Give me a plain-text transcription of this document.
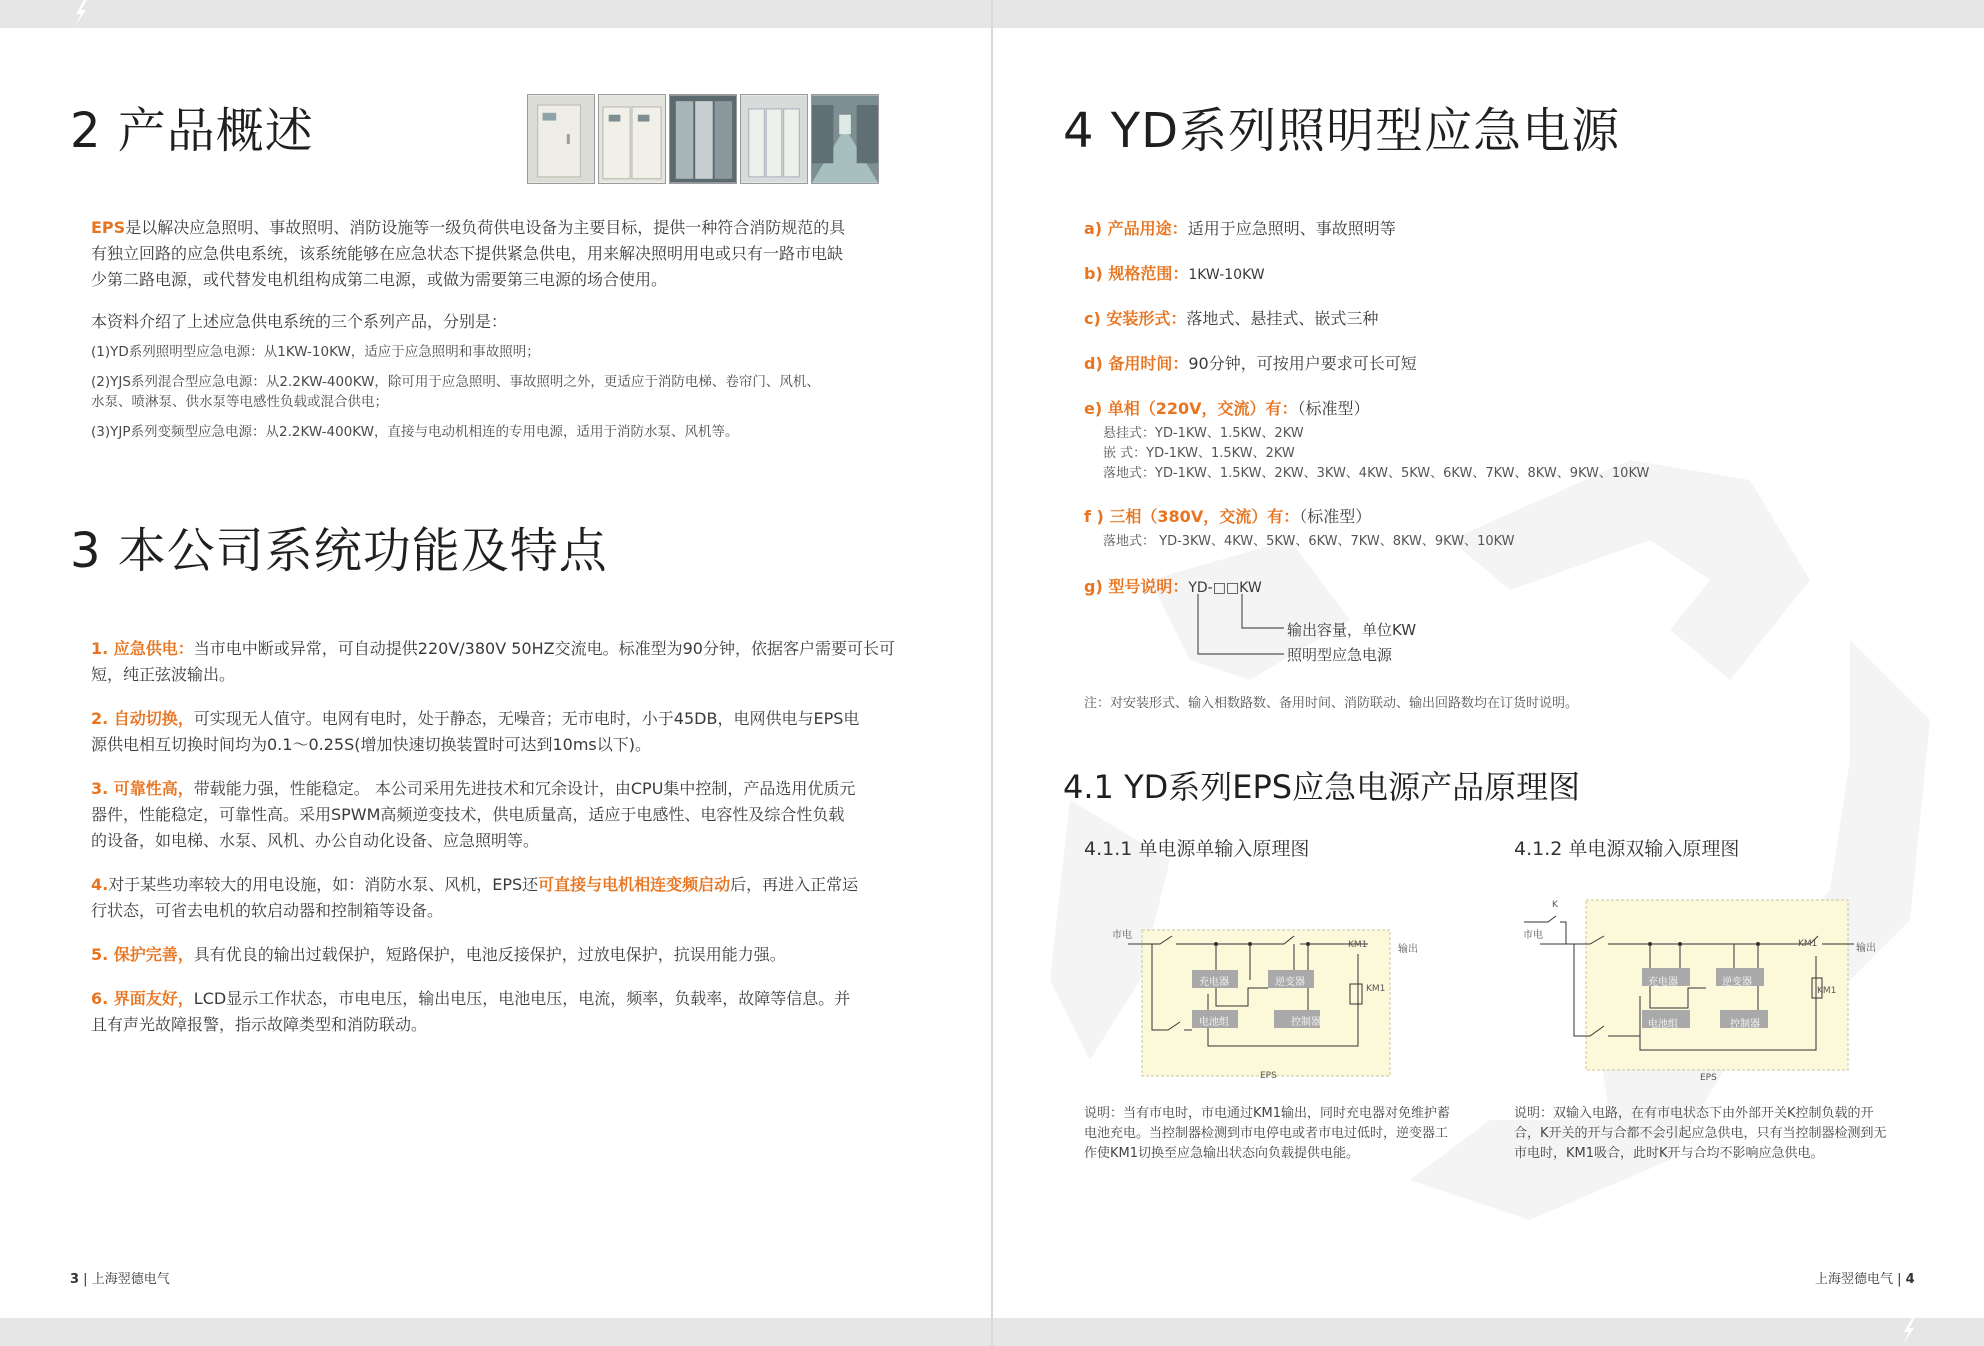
2 产品概述
EPS是以解决应急照明、事故照明、消防设施等一级负荷供电设备为主要目标，提供一种符合消防规范的具
有独立回路的应急供电系统，该系统能够在应急状态下提供紧急供电，用来解决照明用电或只有一路市电缺
少第二路电源，或代替发电机组构成第二电源，或做为需要第三电源的场合使用。
本资料介绍了上述应急供电系统的三个系列产品，分别是：
(1)YD系列照明型应急电源：从1KW-10KW，适应于应急照明和事故照明；
(2)YJS系列混合型应急电源：从2.2KW-400KW，除可用于应急照明、事故照明之外，更适应于消防电梯、卷帘门、风机、
水泵、喷淋泵、供水泵等电感性负载或混合供电；
(3)YJP系列变频型应急电源：从2.2KW-400KW，直接与电动机相连的专用电源，适用于消防水泵、风机等。
3 本公司系统功能及特点
1. 应急供电：当市电中断或异常，可自动提供220V/380V 50HZ交流电。标准型为90分钟，依据客户需要可长可
短，纯正弦波输出。
2. 自动切换，可实现无人值守。电网有电时，处于静态，无噪音；无市电时，小于45DB，电网供电与EPS电
源供电相互切换时间均为0.1～0.25S(增加快速切换装置时可达到10ms以下)。
3. 可靠性高，带载能力强，性能稳定。 本公司采用先进技术和冗余设计，由CPU集中控制，产品选用优质元
器件，性能稳定，可靠性高。采用SPWM高频逆变技术，供电质量高，适应于电感性、电容性及综合性负载
的设备，如电梯、水泵、风机、办公自动化设备、应急照明等。
4.对于某些功率较大的用电设施，如：消防水泵、风机，EPS还可直接与电机相连变频启动后，再进入正常运
行状态，可省去电机的软启动器和控制箱等设备。
5. 保护完善，具有优良的输出过载保护，短路保护，电池反接保护，过放电保护，抗误用能力强。
6. 界面友好，LCD显示工作状态，市电电压，输出电压，电池电压，电流，频率，负载率，故障等信息。并
且有声光故障报警，指示故障类型和消防联动。
3 | 上海翌德电气
4 YD系列照明型应急电源
a) 产品用途：适用于应急照明、事故照明等
b) 规格范围：1KW-10KW
c) 安装形式：落地式、悬挂式、嵌式三种
d) 备用时间：90分钟，可按用户要求可长可短
e) 单相（220V，交流）有：（标准型）
悬挂式：YD-1KW、1.5KW、2KW
嵌 式：YD-1KW、1.5KW、2KW
落地式：YD-1KW、1.5KW、2KW、3KW、4KW、5KW、6KW、7KW、8KW、9KW、10KW
f ) 三相（380V，交流）有：（标准型）
落地式： YD-3KW、4KW、5KW、6KW、7KW、8KW、9KW、10KW
g) 型号说明：YD-□□KW
输出容量，单位KW
照明型应急电源
注：对安装形式、输入相数路数、备用时间、消防联动、输出回路数均在订货时说明。
4.1 YD系列EPS应急电源产品原理图
4.1.1 单电源单输入原理图	4.1.2 单电源双输入原理图
市电
输出
KM1
KM1
充电器	逆变器
电池组	控制器
EPS
K
市电
输出
KM1
KM1
充电器	逆变器
电池组	控制器
EPS
说明：当有市电时，市电通过KM1输出，同时充电器对免维护蓄
电池充电。当控制器检测到市电停电或者市电过低时，逆变器工
作使KM1切换至应急输出状态向负载提供电能。
说明：双输入电路，在有市电状态下由外部开关K控制负载的开
合，K开关的开与合都不会引起应急供电，只有当控制器检测到无
市电时，KM1吸合，此时K开与合均不影响应急供电。
上海翌德电气 | 4
